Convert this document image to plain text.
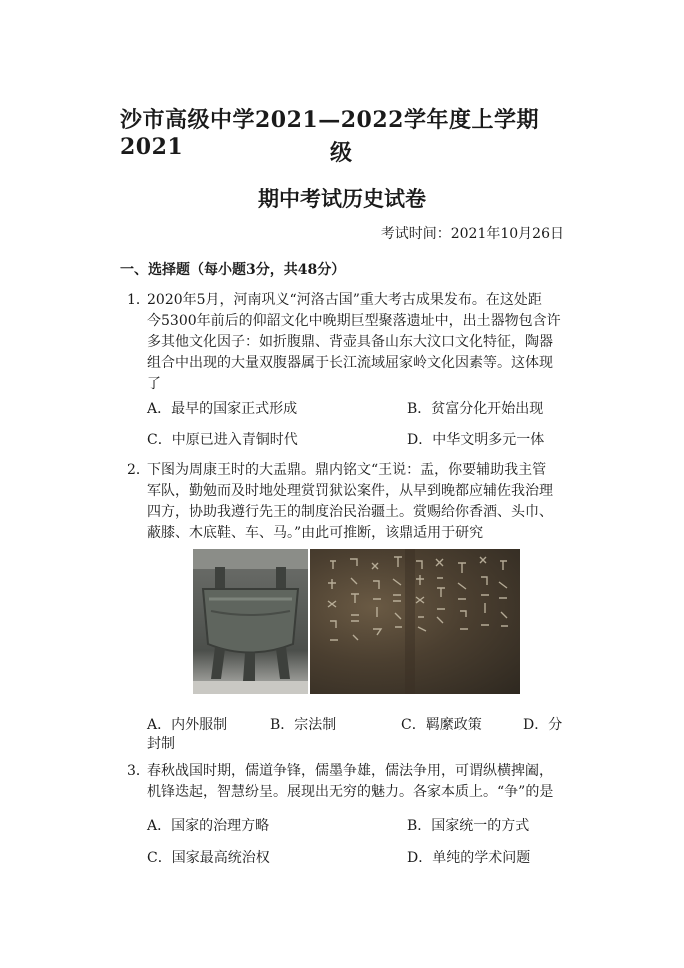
沙市高级中学2021—2022学年度上学期2021	级
期中考试历史试卷
考试时间：2021年10月26日
一、选择题（每小题3分，共48分）
1．
2020年5月，河南巩义“河洛古国”重大考古成果发布。在这处距
今5300年前后的仰韶文化中晚期巨型聚落遗址中，出土器物包含许
多其他文化因子：如折腹鼎、背壶具备山东大汶口文化特征，陶器
组合中出现的大量双腹器属于长江流域屈家岭文化因素等。这体现
了
A．最早的国家正式形成	B．贫富分化开始出现
C．中原已进入青铜时代	D．中华文明多元一体
2．
下图为周康王时的大盂鼎。鼎内铭文“王说：盂，你要辅助我主管
军队，勤勉而及时地处理赏罚狱讼案件，从早到晚都应辅佐我治理
四方，协助我遵行先王的制度治民治疆土。赏赐给你香酒、头巾、
蔽膝、木底鞋、车、马。”由此可推断，该鼎适用于研究
A．内外服制	B．宗法制	C．羁縻政策	D．分
封制
3．
春秋战国时期，儒道争锋，儒墨争雄，儒法争用，可谓纵横捭阖，
机锋迭起，智慧纷呈。展现出无穷的魅力。各家本质上。“争”的是
A．国家的治理方略	B．国家统一的方式
C．国家最高统治权	D．单纯的学术问题
